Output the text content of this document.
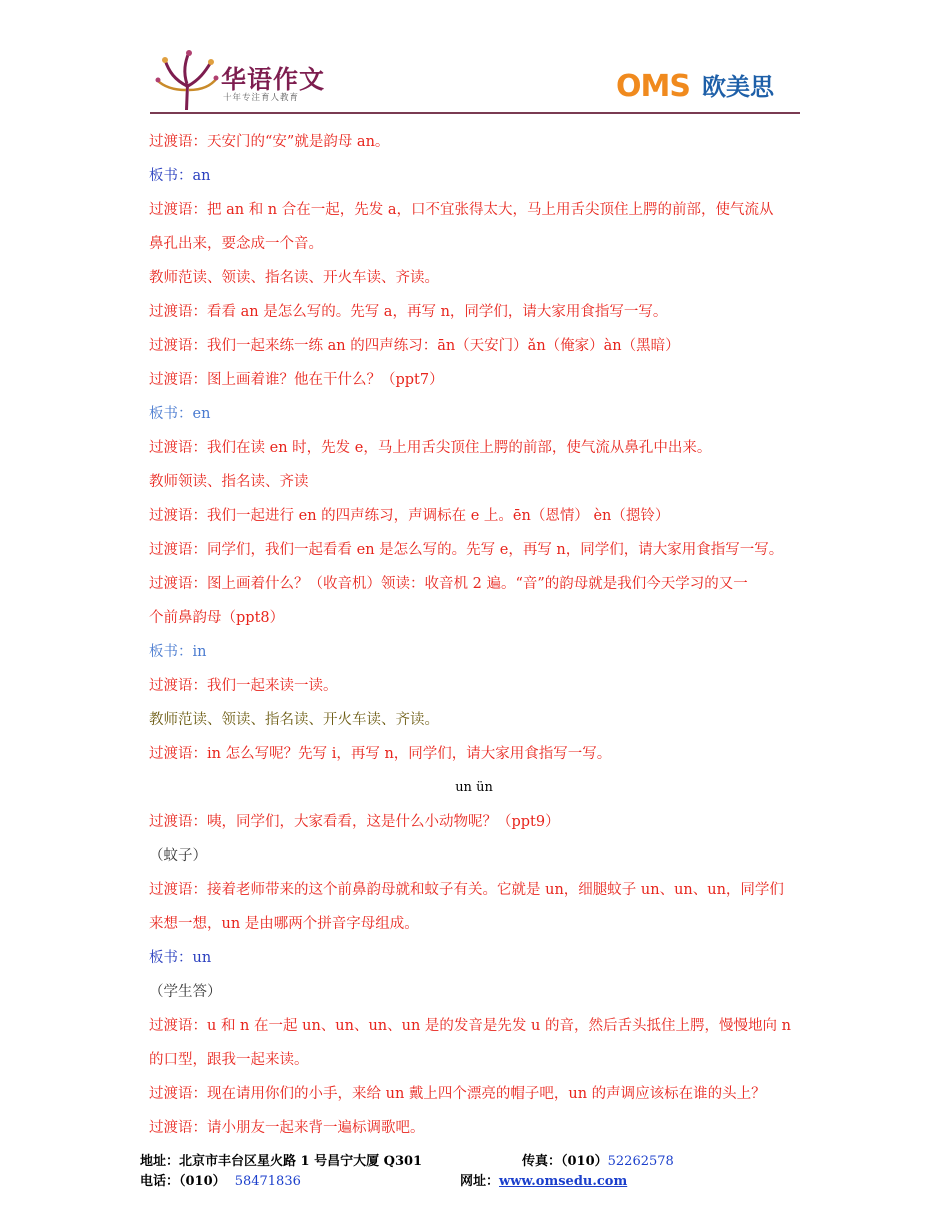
华语作文
十年专注育人教育	OMS 欧美思
过渡语：天安门的“安”就是韵母 an。
板书：an
过渡语：把 an 和 n 合在一起，先发 a，口不宜张得太大，马上用舌尖顶住上腭的前部，使气流从
鼻孔出来，要念成一个音。
教师范读、领读、指名读、开火车读、齐读。
过渡语：看看 an 是怎么写的。先写 a，再写 n，同学们，请大家用食指写一写。
过渡语：我们一起来练一练 an 的四声练习：ān（天安门）ǎn（俺家）àn（黑暗）
过渡语：图上画着谁？他在干什么？（ppt7）
板书：en
过渡语：我们在读 en 时，先发 e，马上用舌尖顶住上腭的前部，使气流从鼻孔中出来。
教师领读、指名读、齐读
过渡语：我们一起进行 en 的四声练习，声调标在 e 上。ēn（恩情） èn（摁铃）
过渡语：同学们，我们一起看看 en 是怎么写的。先写 e，再写 n，同学们，请大家用食指写一写。
过渡语：图上画着什么？（收音机）领读：收音机 2 遍。“音”的韵母就是我们今天学习的又一
个前鼻韵母（ppt8）
板书：in
过渡语：我们一起来读一读。
教师范读、领读、指名读、开火车读、齐读。
过渡语：in 怎么写呢？先写 i，再写 n，同学们，请大家用食指写一写。
un ün
过渡语：咦，同学们，大家看看，这是什么小动物呢？（ppt9）
（蚊子）
过渡语：接着老师带来的这个前鼻韵母就和蚊子有关。它就是 un，细腿蚊子 un、un、un，同学们
来想一想，un 是由哪两个拼音字母组成。
板书：un
（学生答）
过渡语：u 和 n 在一起 un、un、un、un 是的发音是先发 u 的音，然后舌头抵住上腭，慢慢地向 n
的口型，跟我一起来读。
过渡语：现在请用你们的小手，来给 un 戴上四个漂亮的帽子吧，un 的声调应该标在谁的头上？
过渡语：请小朋友一起来背一遍标调歌吧。
地址：北京市丰台区星火路 1 号昌宁大厦 Q301	传真：（010）52262578
电话：（010） 58471836	网址：www.omsedu.com
